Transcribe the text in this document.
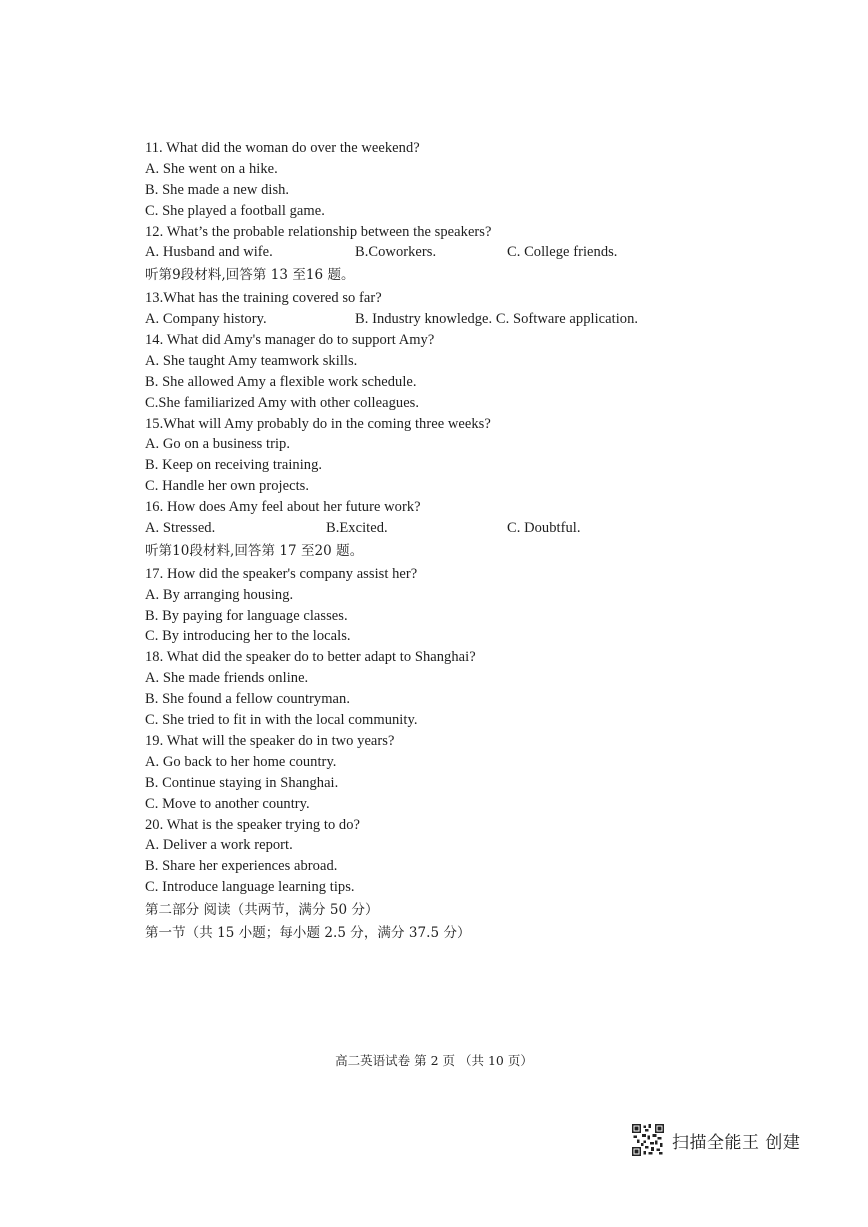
11. What did the woman do over the weekend?
A. She went on a hike.
B. She made a new dish.
C. She played a football game.
12. What’s the probable relationship between the speakers?
A. Husband and wife.	B.Coworkers.	C. College friends.
听第9段材料,回答第 13 至16 题。
13.What has the training covered so far?
A. Company history.	B. Industry knowledge. C. Software application.
14. What did Amy's manager do to support Amy?
A. She taught Amy teamwork skills.
B. She allowed Amy a flexible work schedule.
C.She familiarized Amy with other colleagues.
15.What will Amy probably do in the coming three weeks?
A. Go on a business trip.
B. Keep on receiving training.
C. Handle her own projects.
16. How does Amy feel about her future work?
A. Stressed.	B.Excited.	C. Doubtful.
听第10段材料,回答第 17 至20 题。
17. How did the speaker's company assist her?
A. By arranging housing.
B. By paying for language classes.
C. By introducing her to the locals.
18. What did the speaker do to better adapt to Shanghai?
A. She made friends online.
B. She found a fellow countryman.
C. She tried to fit in with the local community.
19. What will the speaker do in two years?
A. Go back to her home country.
B. Continue staying in Shanghai.
C. Move to another country.
20. What is the speaker trying to do?
A. Deliver a work report.
B. Share her experiences abroad.
C. Introduce language learning tips.
第二部分 阅读（共两节，满分 50 分）
第一节（共 15 小题；每小题 2.5 分，满分 37.5 分）
高二英语试卷 第 2 页 （共 10 页）
扫描全能王 创建
